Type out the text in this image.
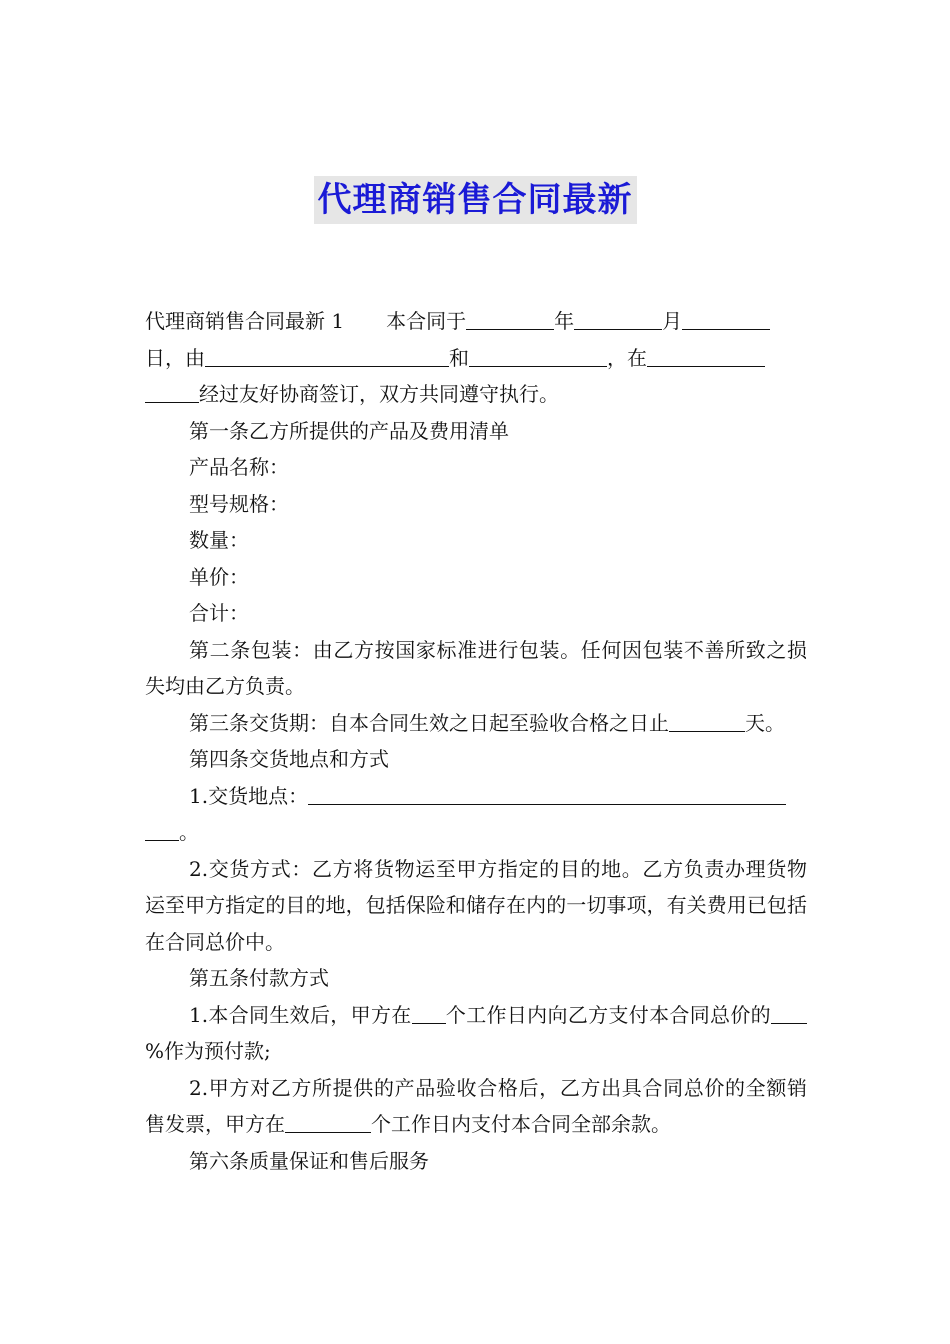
代理商销售合同最新

代理商销售合同最新 1 本合同于	年	月

日，由	和	，在

经过友好协商签订，双方共同遵守执行。

第一条乙方所提供的产品及费用清单

产品名称：

型号规格：

数量：

单价：

合计：

第二条包装：由乙方按国家标准进行包装。任何因包装不善所致之损失均由乙方负责。

第三条交货期：自本合同生效之日起至验收合格之日止	天。

第四条交货地点和方式

1.交货地点：。

2.交货方式：乙方将货物运至甲方指定的目的地。乙方负责办理货物运至甲方指定的目的地，包括保险和储存在内的一切事项，有关费用已包括在合同总价中。

第五条付款方式

1.本合同生效后，甲方在 个工作日内向乙方支付本合同总价的%作为预付款;

2.甲方对乙方所提供的产品验收合格后，乙方出具合同总价的全额销售发票，甲方在	个工作日内支付本合同全部余款。

第六条质量保证和售后服务
